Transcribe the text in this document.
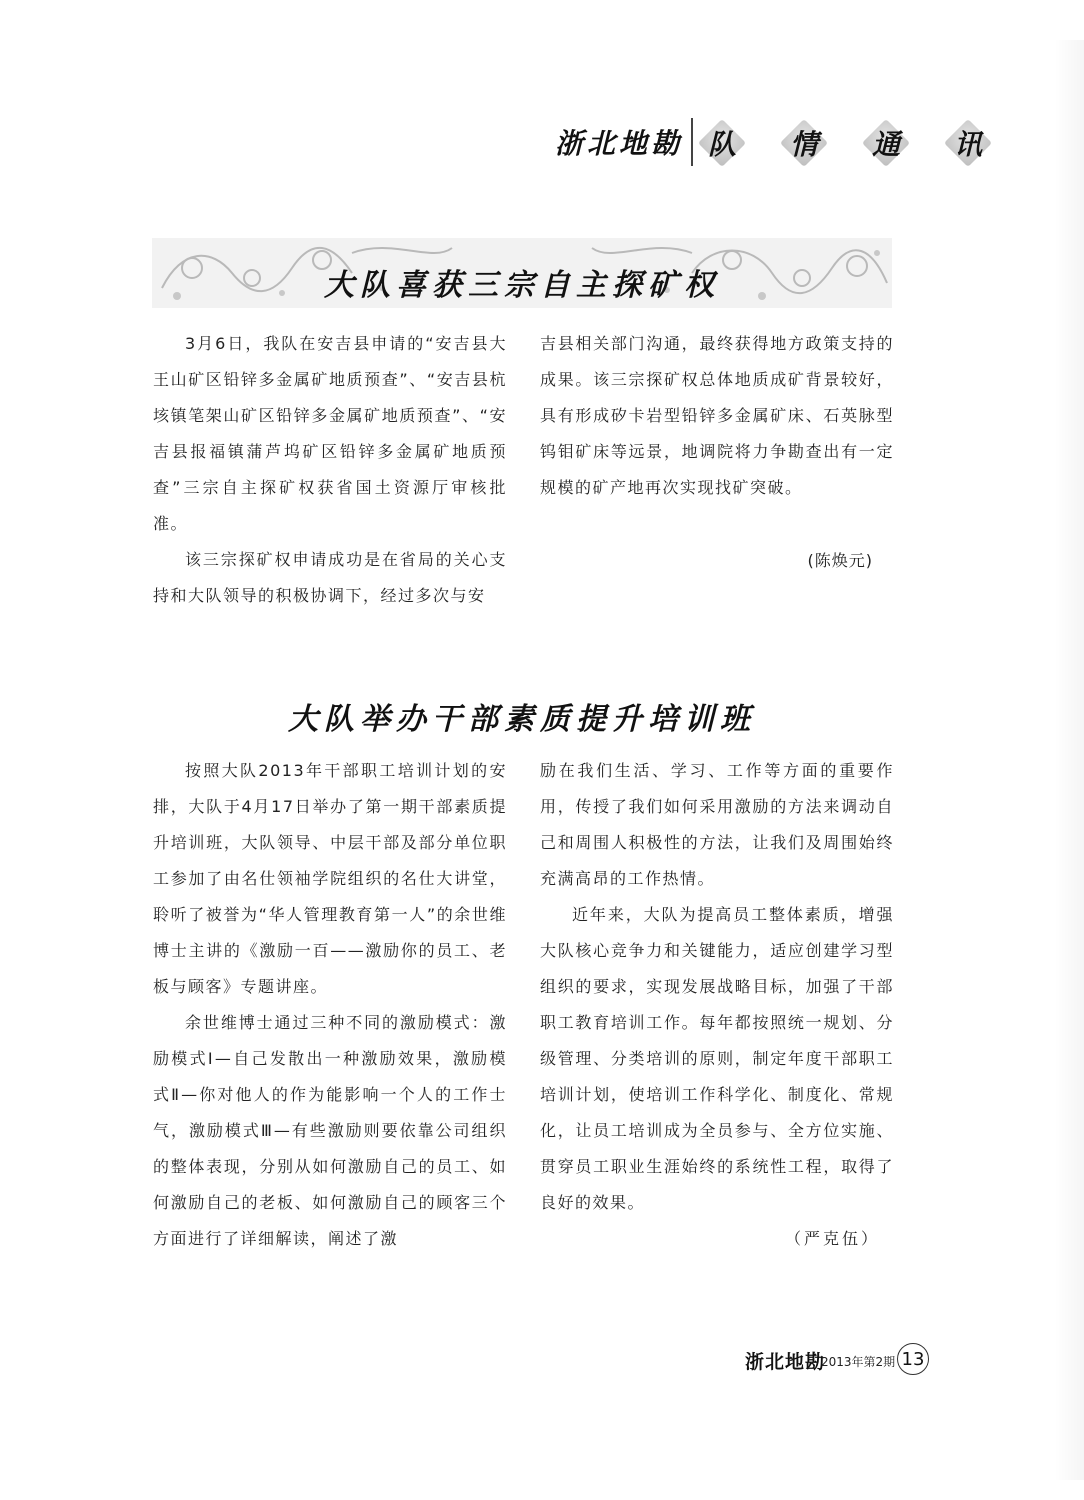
浙北地勘 队 情 通 讯
大队喜获三宗自主探矿权

3月6日，我队在安吉县申请的“安吉县大王山矿区铅锌多金属矿地质预查”、“安吉县杭垓镇笔架山矿区铅锌多金属矿地质预查”、“安吉县报福镇蒲芦坞矿区铅锌多金属矿地质预查”三宗自主探矿权获省国土资源厅审核批准。

该三宗探矿权申请成功是在省局的关心支持和大队领导的积极协调下，经过多次与安

吉县相关部门沟通，最终获得地方政策支持的成果。该三宗探矿权总体地质成矿背景较好，具有形成矽卡岩型铅锌多金属矿床、石英脉型钨钼矿床等远景，地调院将力争勘查出有一定规模的矿产地再次实现找矿突破。

(陈焕元)
大队举办干部素质提升培训班

按照大队2013年干部职工培训计划的安排，大队于4月17日举办了第一期干部素质提升培训班，大队领导、中层干部及部分单位职工参加了由名仕领袖学院组织的名仕大讲堂，聆听了被誉为“华人管理教育第一人”的余世维博士主讲的《激励一百——激励你的员工、老板与顾客》专题讲座。

余世维博士通过三种不同的激励模式：激励模式Ⅰ—自己发散出一种激励效果，激励模式Ⅱ—你对他人的作为能影响一个人的工作士气，激励模式Ⅲ—有些激励则要依靠公司组织的整体表现，分别从如何激励自己的员工、如何激励自己的老板、如何激励自己的顾客三个方面进行了详细解读，阐述了激

励在我们生活、学习、工作等方面的重要作用，传授了我们如何采用激励的方法来调动自己和周围人积极性的方法，让我们及周围始终充满高昂的工作热情。

近年来，大队为提高员工整体素质，增强大队核心竞争力和关键能力，适应创建学习型组织的要求，实现发展战略目标，加强了干部职工教育培训工作。每年都按照统一规划、分级管理、分类培训的原则，制定年度干部职工培训计划，使培训工作科学化、制度化、常规化，让员工培训成为全员参与、全方位实施、贯穿员工职业生涯始终的系统性工程，取得了良好的效果。

（严克伍）
浙北地勘
2013年第2期 13
